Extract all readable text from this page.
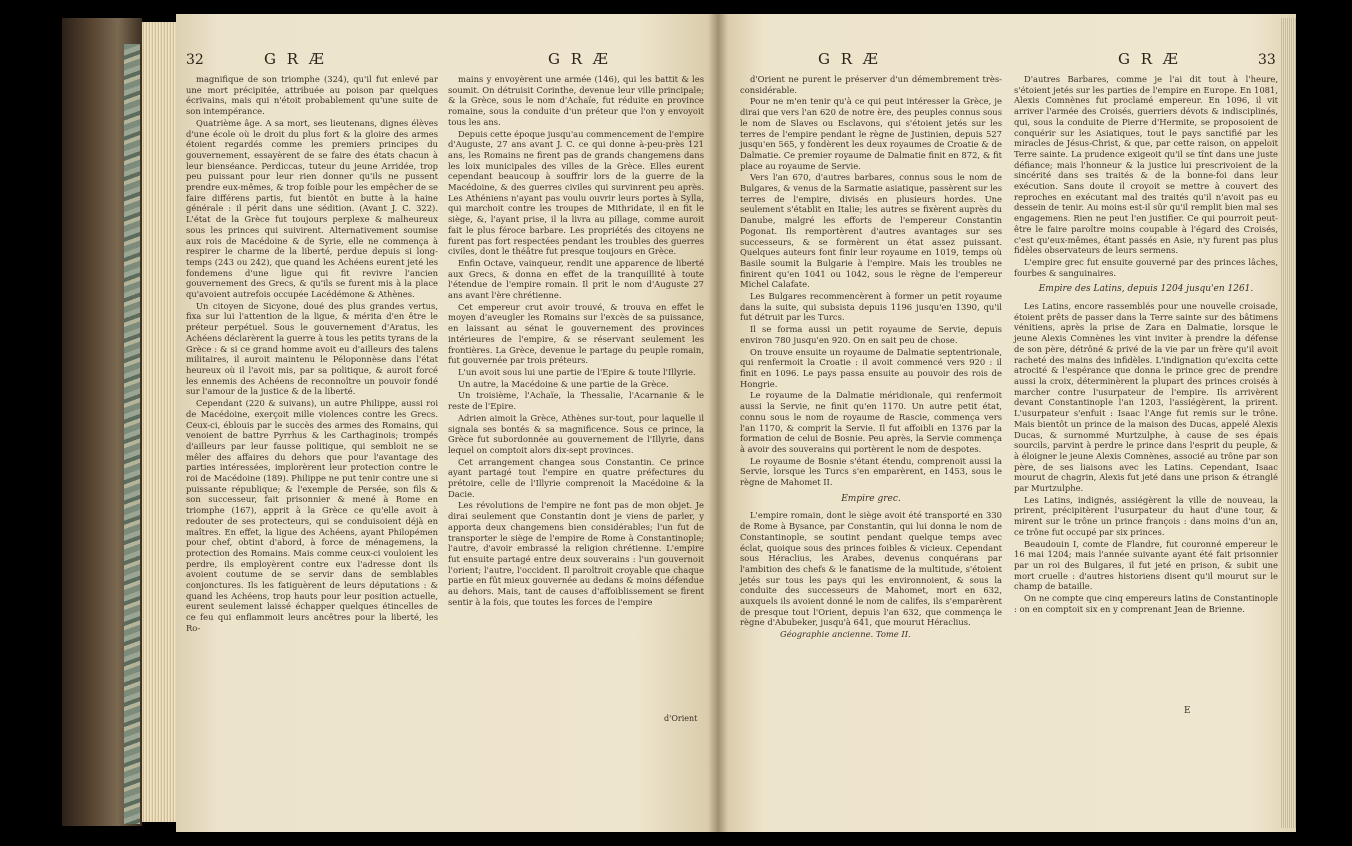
32	G R Æ	G R Æ

magnifique de son triomphe (324), qu'il fut enlevé par une mort précipitée, attribuée au poison par quelques écrivains, mais qui n'étoit probablement qu'une suite de son intempérance.

Quatrième âge. A sa mort, ses lieutenans, dignes élèves d'une école où le droit du plus fort & la gloire des armes étoient regardés comme les premiers principes du gouvernement, essayèrent de se faire des états chacun à leur bienséance. Perdiccas, tuteur du jeune Arridée, trop peu puissant pour leur rien donner qu'ils ne pussent prendre eux-mêmes, & trop foible pour les empêcher de se faire différens partis, fut bientôt en butte à la haine générale : il périt dans une sédition. (Avant J. C. 322). L'état de la Grèce fut toujours perplexe & malheureux sous les princes qui suivirent. Alternativement soumise aux rois de Macédoine & de Syrie, elle ne commença à respirer le charme de la liberté, perdue depuis si long-temps (243 ou 242), que quand les Achéens eurent jeté les fondemens d'une ligue qui fit revivre l'ancien gouvernement des Grecs, & qu'ils se furent mis à la place qu'avoient autrefois occupée Lacédémone & Athènes.

Un citoyen de Sicyone, doué des plus grandes vertus, fixa sur lui l'attention de la ligue, & mérita d'en être le préteur perpétuel. Sous le gouvernement d'Aratus, les Achéens déclarèrent la guerre à tous les petits tyrans de la Grèce : & si ce grand homme avoit eu d'ailleurs des talens militaires, il auroit maintenu le Péloponnèse dans l'état heureux où il l'avoit mis, par sa politique, & auroit forcé les ennemis des Achéens de reconnoître un pouvoir fondé sur l'amour de la justice & de la liberté.

Cependant (220 & suivans), un autre Philippe, aussi roi de Macédoine, exerçoit mille violences contre les Grecs. Ceux-ci, éblouis par le succès des armes des Romains, qui venoient de battre Pyrrhus & les Carthaginois; trompés d'ailleurs par leur fausse politique, qui sembloit ne se mêler des affaires du dehors que pour l'avantage des parties intéressées, implorèrent leur protection contre le roi de Macédoine (189). Philippe ne put tenir contre une si puissante république; & l'exemple de Persée, son fils & son successeur, fait prisonnier & mené à Rome en triomphe (167), apprit à la Grèce ce qu'elle avoit à redouter de ses protecteurs, qui se conduisoient déjà en maîtres. En effet, la ligue des Achéens, ayant Philopémen pour chef, obtint d'abord, à force de ménagemens, la protection des Romains. Mais comme ceux-ci vouloient les perdre, ils employèrent contre eux l'adresse dont ils avoient coutume de se servir dans de semblables conjonctures. Ils les fatiguèrent de leurs députations : & quand les Achéens, trop hauts pour leur position actuelle, eurent seulement laissé échapper quelques étincelles de ce feu qui enflammoit leurs ancêtres pour la liberté, les Ro-

mains y envoyèrent une armée (146), qui les battit & les soumit. On détruisit Corinthe, devenue leur ville principale; & la Grèce, sous le nom d'Achaïe, fut réduite en province romaine, sous la conduite d'un préteur que l'on y envoyoit tous les ans.

Depuis cette époque jusqu'au commencement de l'empire d'Auguste, 27 ans avant J. C. ce qui donne à-peu-près 121 ans, les Romains ne firent pas de grands changemens dans les loix municipales des villes de la Grèce. Elles eurent cependant beaucoup à souffrir lors de la guerre de la Macédoine, & des guerres civiles qui survinrent peu après. Les Athéniens n'ayant pas voulu ouvrir leurs portes à Sylla, qui marchoit contre les troupes de Mithridate, il en fit le siège, &, l'ayant prise, il la livra au pillage, comme auroit fait le plus féroce barbare. Les propriétés des citoyens ne furent pas fort respectées pendant les troubles des guerres civiles, dont le théâtre fut presque toujours en Grèce.

Enfin Octave, vainqueur, rendit une apparence de liberté aux Grecs, & donna en effet de la tranquillité à toute l'étendue de l'empire romain. Il prit le nom d'Auguste 27 ans avant l'ère chrétienne.

Cet empereur crut avoir trouvé, & trouva en effet le moyen d'aveugler les Romains sur l'excès de sa puissance, en laissant au sénat le gouvernement des provinces intérieures de l'empire, & se réservant seulement les frontières. La Grèce, devenue le partage du peuple romain, fut gouvernée par trois préteurs.

L'un avoit sous lui une partie de l'Epire & toute l'Illyrie.

Un autre, la Macédoine & une partie de la Grèce.

Un troisième, l'Achaïe, la Thessalie, l'Acarnanie & le reste de l'Epire.

Adrien aimoit la Grèce, Athènes sur-tout, pour laquelle il signala ses bontés & sa magnificence. Sous ce prince, la Grèce fut subordonnée au gouvernement de l'Illyrie, dans lequel on comptoit alors dix-sept provinces.

Cet arrangement changea sous Constantin. Ce prince ayant partagé tout l'empire en quatre préfectures du prétoire, celle de l'Illyrie comprenoit la Macédoine & la Dacie.

Les révolutions de l'empire ne font pas de mon objet. Je dirai seulement que Constantin dont je viens de parler, y apporta deux changemens bien considérables; l'un fut de transporter le siège de l'empire de Rome à Constantinople; l'autre, d'avoir embrassé la religion chrétienne. L'empire fut ensuite partagé entre deux souverains : l'un gouvernoit l'orient; l'autre, l'occident. Il paroîtroit croyable que chaque partie en fût mieux gouvernée au dedans & moins défendue au dehors. Mais, tant de causes d'affoiblissement se firent sentir à la fois, que toutes les forces de l'empire

d'Orient
G R Æ	G R Æ	33

d'Orient ne purent le préserver d'un démembrement très-considérable.

Pour ne m'en tenir qu'à ce qui peut intéresser la Grèce, je dirai que vers l'an 620 de notre ère, des peuples connus sous le nom de Slaves ou Esclavons, qui s'étoient jetés sur les terres de l'empire pendant le règne de Justinien, depuis 527 jusqu'en 565, y fondèrent les deux royaumes de Croatie & de Dalmatie. Ce premier royaume de Dalmatie finit en 872, & fit place au royaume de Servie.

Vers l'an 670, d'autres barbares, connus sous le nom de Bulgares, & venus de la Sarmatie asiatique, passèrent sur les terres de l'empire, divisés en plusieurs hordes. Une seulement s'établit en Italie; les autres se fixèrent auprès du Danube, malgré les efforts de l'empereur Constantin Pogonat. Ils remportèrent d'autres avantages sur ses successeurs, & se formèrent un état assez puissant. Quelques auteurs font finir leur royaume en 1019, temps où Basile soumit la Bulgarie à l'empire. Mais les troubles ne finirent qu'en 1041 ou 1042, sous le règne de l'empereur Michel Calafate.

Les Bulgares recommencèrent à former un petit royaume dans la suite, qui subsista depuis 1196 jusqu'en 1390, qu'il fut détruit par les Turcs.

Il se forma aussi un petit royaume de Servie, depuis environ 780 jusqu'en 920. On en sait peu de chose.

On trouve ensuite un royaume de Dalmatie septentrionale, qui renfermoit la Croatie : il avoit commencé vers 920 : il finit en 1096. Le pays passa ensuite au pouvoir des rois de Hongrie.

Le royaume de la Dalmatie méridionale, qui renfermoit aussi la Servie, ne finit qu'en 1170. Un autre petit état, connu sous le nom de royaume de Rascie, commença vers l'an 1170, & comprit la Servie. Il fut affoibli en 1376 par la formation de celui de Bosnie. Peu après, la Servie commença à avoir des souverains qui portèrent le nom de despotes.

Le royaume de Bosnie s'étant étendu, comprenoit aussi la Servie, lorsque les Turcs s'en emparèrent, en 1453, sous le règne de Mahomet II.

Empire grec.

L'empire romain, dont le siège avoit été transporté en 330 de Rome à Bysance, par Constantin, qui lui donna le nom de Constantinople, se soutint pendant quelque temps avec éclat, quoique sous des princes foibles & vicieux. Cependant sous Héraclius, les Arabes, devenus conquérans par l'ambition des chefs & le fanatisme de la multitude, s'étoient jetés sur tous les pays qui les environnoient, & sous la conduite des successeurs de Mahomet, mort en 632, auxquels ils avoient donné le nom de califes, ils s'emparèrent de presque tout l'Orient, depuis l'an 632, que commença le règne d'Abubeker, jusqu'à 641, que mourut Héraclius.

Géographie ancienne. Tome II.

D'autres Barbares, comme je l'ai dit tout à l'heure, s'étoient jetés sur les parties de l'empire en Europe. En 1081, Alexis Comnènes fut proclamé empereur. En 1096, il vit arriver l'armée des Croisés, guerriers dévots & indisciplinés, qui, sous la conduite de Pierre d'Hermite, se proposoient de conquérir sur les Asiatiques, tout le pays sanctifié par les miracles de Jésus-Christ, & que, par cette raison, on appeloit Terre sainte. La prudence exigeoit qu'il se tînt dans une juste défiance; mais l'honneur & la justice lui prescrivoient de la sincérité dans ses traités & de la bonne-foi dans leur exécution. Sans doute il croyoit se mettre à couvert des reproches en exécutant mal des traités qu'il n'avoit pas eu dessein de tenir. Au moins est-il sûr qu'il remplit bien mal ses engagemens. Rien ne peut l'en justifier. Ce qui pourroit peut-être le faire paroître moins coupable à l'égard des Croisés, c'est qu'eux-mêmes, étant passés en Asie, n'y furent pas plus fidèles observateurs de leurs sermens.

L'empire grec fut ensuite gouverné par des princes lâches, fourbes & sanguinaires.

Empire des Latins, depuis 1204 jusqu'en 1261.

Les Latins, encore rassemblés pour une nouvelle croisade, étoient prêts de passer dans la Terre sainte sur des bâtimens vénitiens, après la prise de Zara en Dalmatie, lorsque le jeune Alexis Comnènes les vint inviter à prendre la défense de son père, détrôné & privé de la vie par un frère qu'il avoit racheté des mains des infidèles. L'indignation qu'excita cette atrocité & l'espérance que donna le prince grec de prendre aussi la croix, déterminèrent la plupart des princes croisés à marcher contre l'usurpateur de l'empire. Ils arrivèrent devant Constantinople l'an 1203, l'assiégèrent, la prirent. L'usurpateur s'enfuit : Isaac l'Ange fut remis sur le trône. Mais bientôt un prince de la maison des Ducas, appelé Alexis Ducas, & surnommé Murtzulphe, à cause de ses épais sourcils, parvint à perdre le prince dans l'esprit du peuple, & à éloigner le jeune Alexis Comnènes, associé au trône par son père, de ses liaisons avec les Latins. Cependant, Isaac mourut de chagrin, Alexis fut jeté dans une prison & étranglé par Murtzulphe.

Les Latins, indignés, assiégèrent la ville de nouveau, la prirent, précipitèrent l'usurpateur du haut d'une tour, & mirent sur le trône un prince françois : dans moins d'un an, ce trône fut occupé par six princes.

Beaudouin I, comte de Flandre, fut couronné empereur le 16 mai 1204; mais l'année suivante ayant été fait prisonnier par un roi des Bulgares, il fut jeté en prison, & subit une mort cruelle : d'autres historiens disent qu'il mourut sur le champ de bataille.

On ne compte que cinq empereurs latins de Constantinople : on en comptoit six en y comprenant Jean de Brienne.

E
